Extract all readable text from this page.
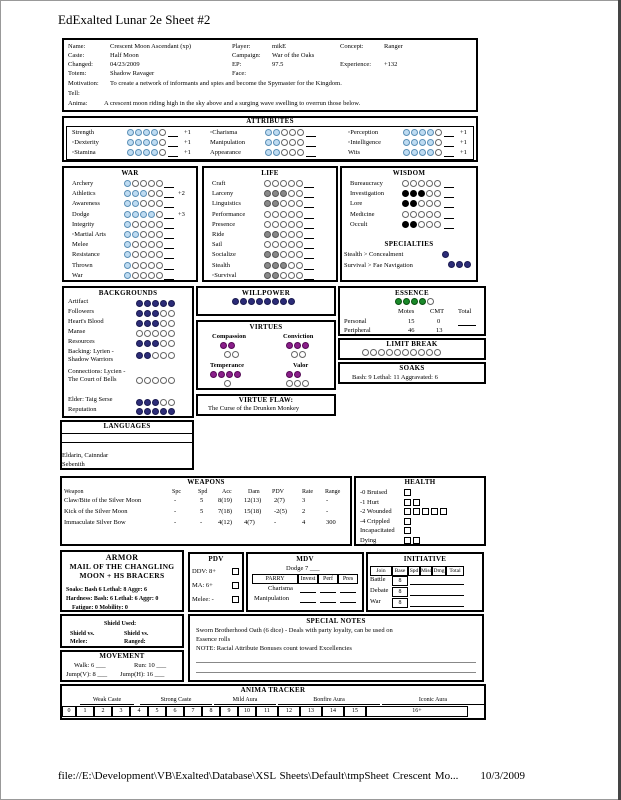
EdExalted Lunar 2e Sheet #2
Name:	Crescent Moon Ascendant (xp)	Player:	mikE	Concept:	Ranger
Caste:	Half Moon	Campaign: War of the Oaks
Changed:	04/23/2009	EP:	97.5	Experience: +132
Totem:	Shadow Ravager	Face:
Motivation: To create a network of informants and spies and become the Spymaster for the Kingdom.
Tell:
Anima:	A crescent moon riding high in the sky above and a surging wave swelling to overrun those below.
ATTRIBUTES
WAR	LIFE	WISDOM
SPECIALTIES
Stealth > Concealment
Survival > Fae Navigation
BACKGROUNDS	WILLPOWER
VIRTUES
Compassion	Conviction
Temperance	Valor
VIRTUE FLAW:
The Curse of the Drunken Monkey
ESSENCE
Motes CMT Total
Personal	15	0
Peripheral	46	13
LIMIT BREAK
SOAKS
Bash: 9 Lethal: 11 Aggravated: 6
LANGUAGES
Eldarin, Cainndar
Sebenith
WEAPONS
Weapon	Spc	Spd Acc	Dam PDV	Rate Range
HEALTH
ARMOR
MAIL OF THE CHANGLING MOON + HS BRACERS
Soaks: Bash 6 Lethal: 8 Aggr: 6
Hardness: Bash: 6 Lethal: 6 Aggr: 0
Fatigue: 0 Mobility: 0
Shield Used:
Shield vs.	Shield vs.
Melee:	Ranged:
MOVEMENT
Walk: 6 ___	Run: 10 ___
Jump(V): 8 ___ Jump(H): 16 ___
PDV
DDV: 8+
MA: 6+
Melee: -
MDV
Dodge 7 ___
PARRY	Invest	Perf	Pres
Charisma
Manipulation
INITIATIVE
SPECIAL NOTES
Sworn Brotherhood Oath (6 dice) - Deals with party loyalty, can be used on
Essence rolls
NOTE: Racial Attribute Bonuses count toward Excellencies
ANIMA TRACKER
file://E:\Development\VB\Exalted\Database\XSL Sheets\Default\tmpSheet Crescent Mo... 10/3/2009
Strength	+1
◦Dexterity	+1
◦Stamina	+1
◦Charisma
Manipulation
Appearance
◦Perception	+1
◦Intelligence	+1
Wits	+1
Archery
Athletics	+2
Awareness
Dodge	+3
Integrity
◦Martial Arts
Melee
Resistance
Thrown
War
Craft
Larceny
Linguistics
Performance
Presence
Ride
Sail
Socialize
Stealth
◦Survival
Bureaucracy
Investigation
Lore
Medicine
Occult
Artifact
Followers
Heart's Blood
Manse
Resources
Backing: Lyrien - Shadow Warriors
Connections: Lycien - The Court of Bells
Elder: Taig Serse
Reputation
Claw/Bite of the Silver Moon	-	5 8(19) 12(13) 2(7)	3	-
Kick of the Silver Moon	-	5 7(18) 15(18) -2(5) 2	-
Immaculate Silver Bow	-	- 4(12) 4(7)	-	4	300
-0 Bruised
-1 Hurt
-2 Wounded
-4 Crippled
Incapacitated
Dying
Join	Base Spd Misc Dmg Total
Battle	8
Debate	8
War	8
Weak Caste	Strong Caste	Mild Aura	Bonfire Aura	Iconic Aura
0	1	2	3	4	5	6	7	8	9	10	11	12	13	14	15	16+
